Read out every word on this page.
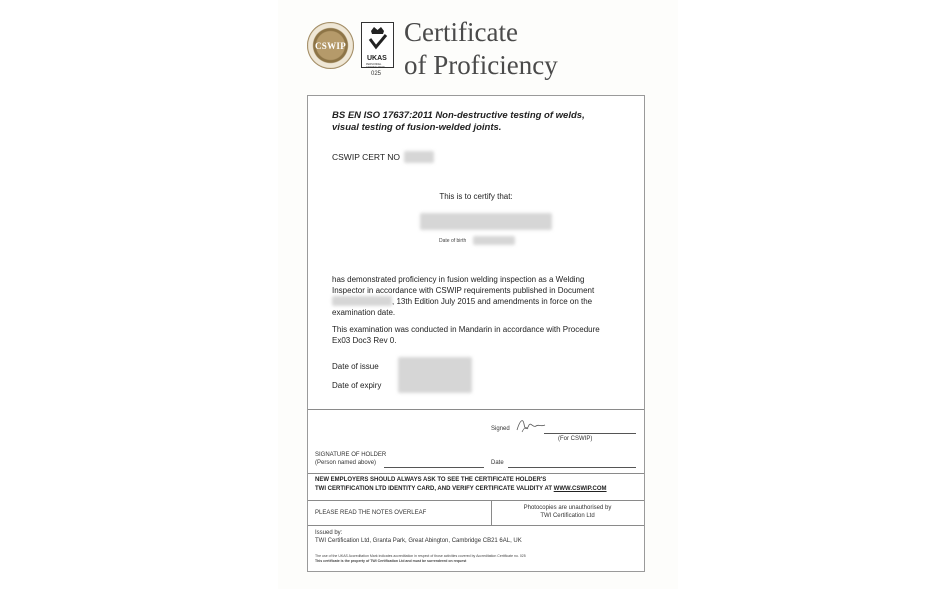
CSWIP
UKAS
PERSONNEL CERTIFICATION
025
Certificate
of Proficiency
BS EN ISO 17637:2011 Non-destructive testing of welds,
visual testing of fusion-welded joints.
CSWIP CERT NO
This is to certify that:
Date of birth
has demonstrated proficiency in fusion welding inspection as a Welding
Inspector in accordance with CSWIP requirements published in Document
, 13th Edition July 2015 and amendments in force on the
examination date.
This examination was conducted in Mandarin in accordance with Procedure
Ex03 Doc3 Rev 0.
Date of issue
Date of expiry
Signed
(For CSWIP)
SIGNATURE OF HOLDER
(Person named above)	Date
NEW EMPLOYERS SHOULD ALWAYS ASK TO SEE THE CERTIFICATE HOLDER'S
TWI CERTIFICATION LTD IDENTITY CARD, AND VERIFY CERTIFICATE VALIDITY AT WWW.CSWIP.COM
PLEASE READ THE NOTES OVERLEAF
Photocopies are unauthorised by
TWI Certification Ltd
Issued by:
TWI Certification Ltd, Granta Park, Great Abington, Cambridge CB21 6AL, UK
The use of the UKAS Accreditation Mark indicates accreditation in respect of those activities covered by Accreditation Certificate no. 025
This certificate is the property of TWI Certification Ltd and must be surrendered on request
